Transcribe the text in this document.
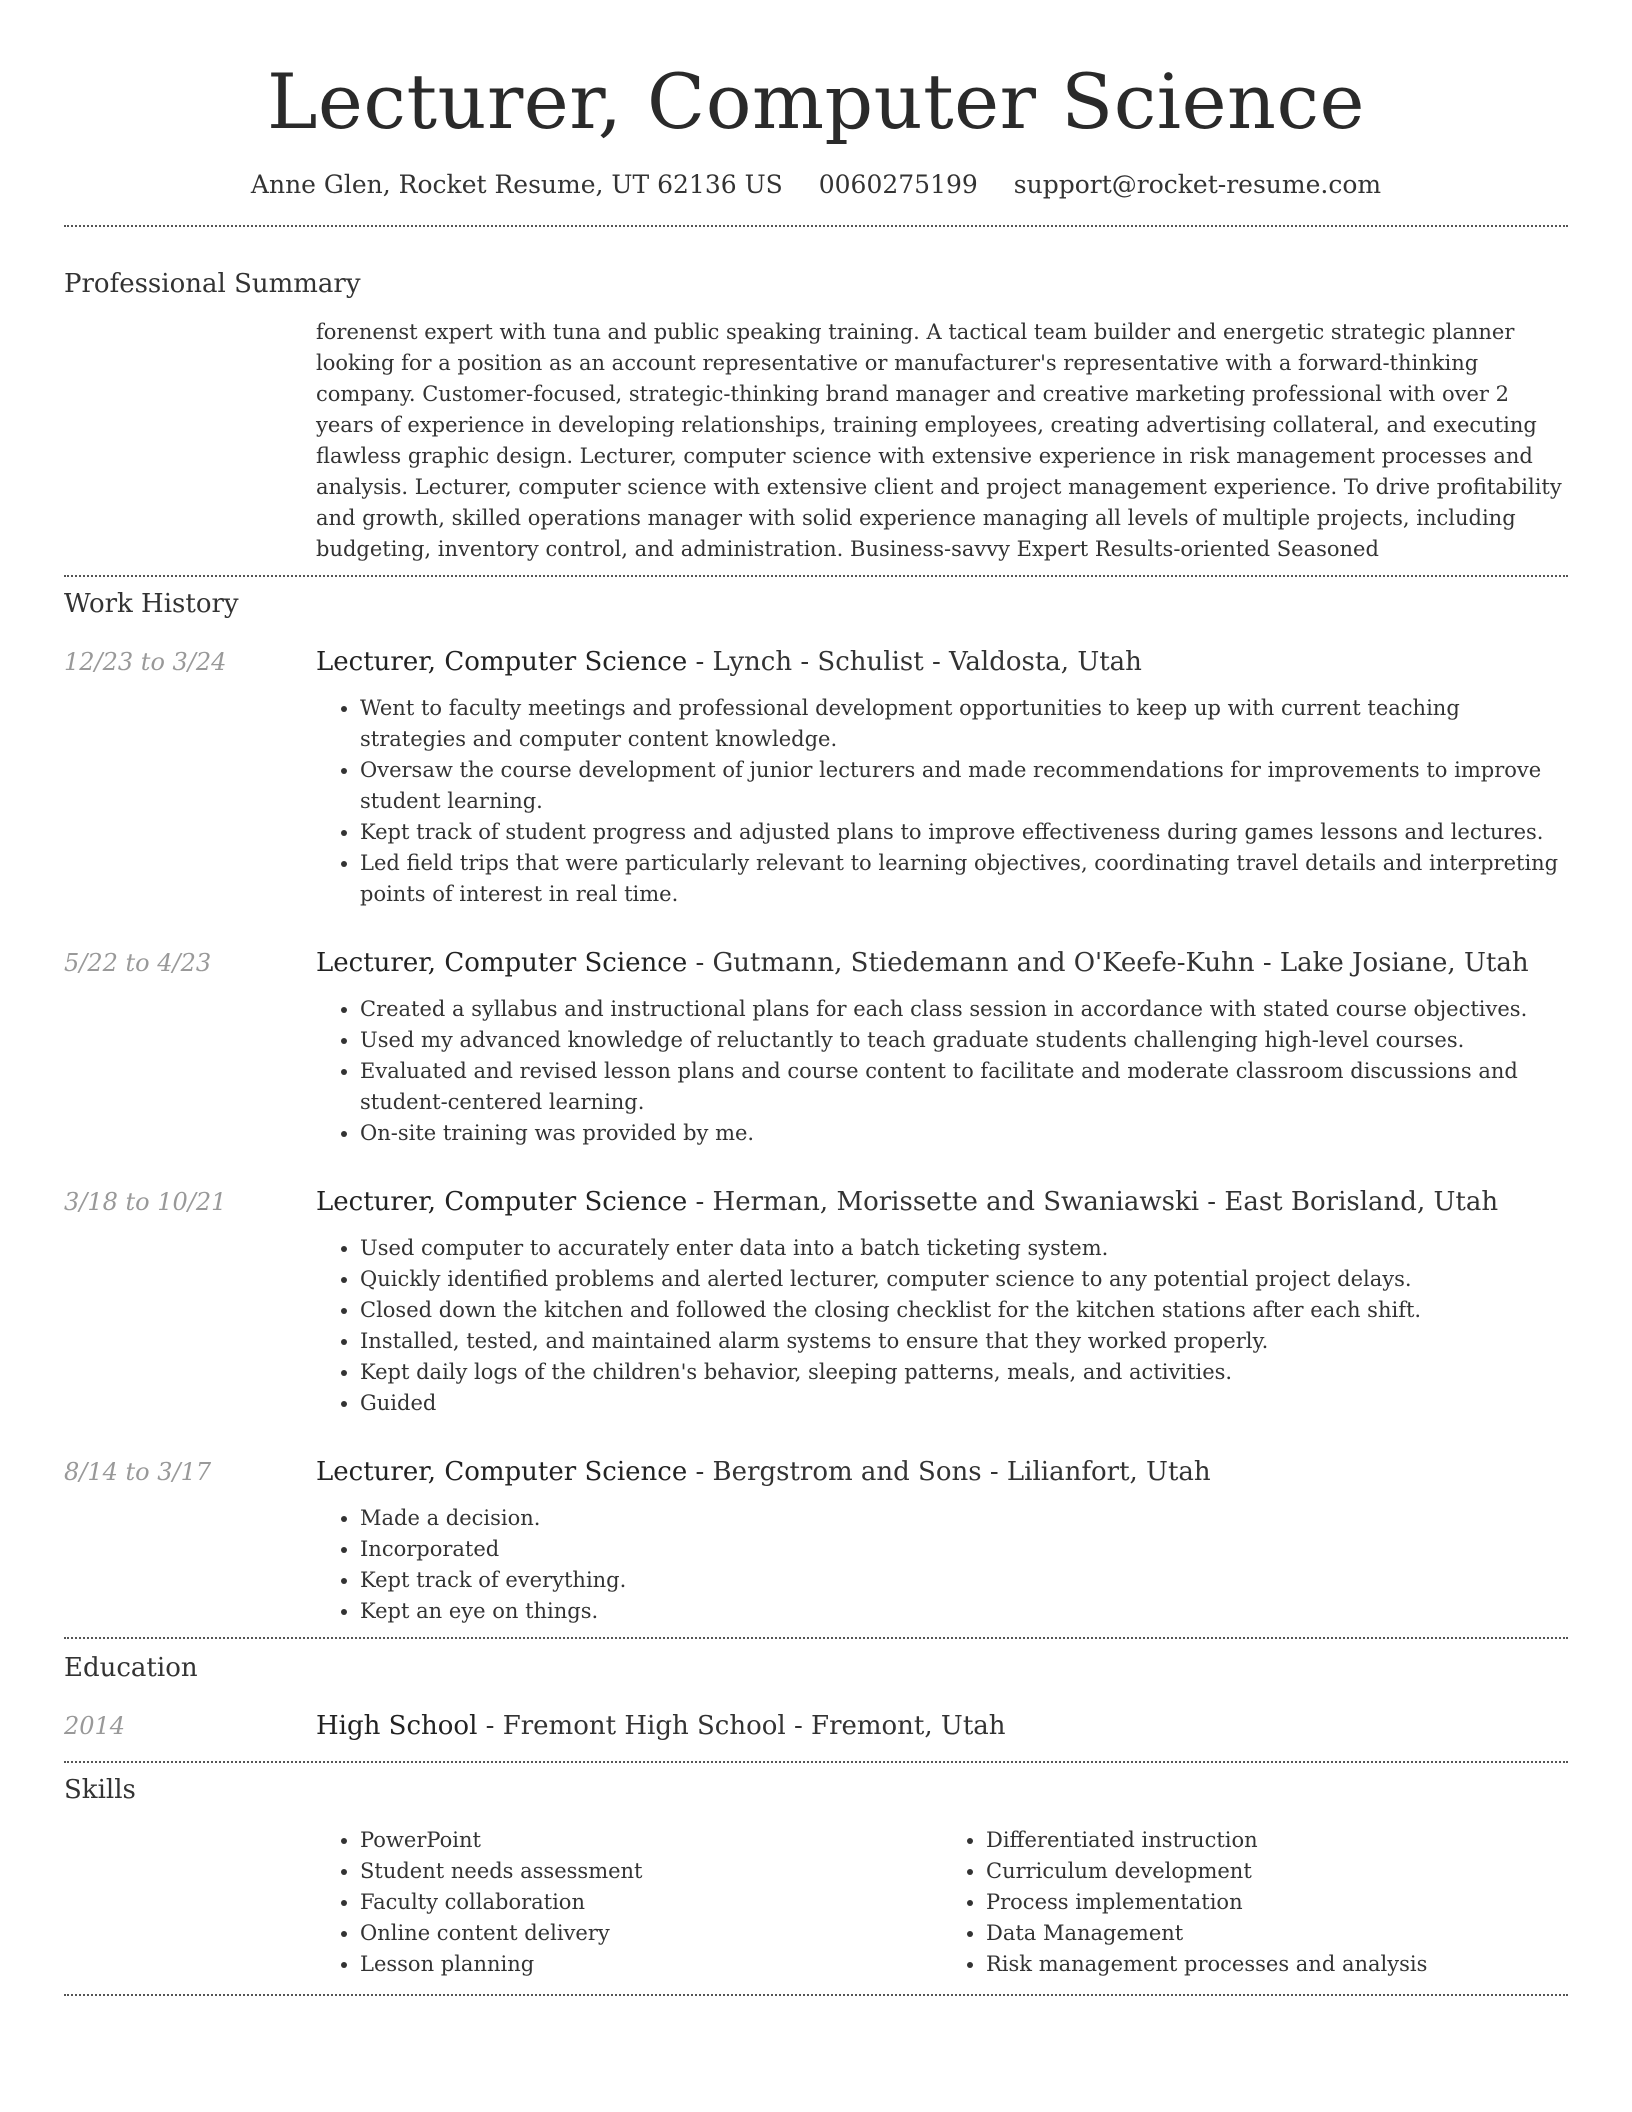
Lecturer, Computer Science
Anne Glen, Rocket Resume, UT 62136 US 0060275199 support@rocket-resume.com
Professional Summary
forenenst expert with tuna and public speaking training. A tactical team builder and energetic strategic planner looking for a position as an account representative or manufacturer's representative with a forward-thinking company. Customer-focused, strategic-thinking brand manager and creative marketing professional with over 2 years of experience in developing relationships, training employees, creating advertising collateral, and executing flawless graphic design. Lecturer, computer science with extensive experience in risk management processes and analysis. Lecturer, computer science with extensive client and project management experience. To drive profitability and growth, skilled operations manager with solid experience managing all levels of multiple projects, including budgeting, inventory control, and administration. Business-savvy Expert Results-oriented Seasoned
Work History
12/23 to 3/24	Lecturer, Computer Science - Lynch - Schulist - Valdosta, Utah
• Went to faculty meetings and professional development opportunities to keep up with current teaching strategies and computer content knowledge.
• Oversaw the course development of junior lecturers and made recommendations for improvements to improve student learning.
• Kept track of student progress and adjusted plans to improve effectiveness during games lessons and lectures.
• Led field trips that were particularly relevant to learning objectives, coordinating travel details and interpreting points of interest in real time.
5/22 to 4/23	Lecturer, Computer Science - Gutmann, Stiedemann and O'Keefe-Kuhn - Lake Josiane, Utah
• Created a syllabus and instructional plans for each class session in accordance with stated course objectives.
• Used my advanced knowledge of reluctantly to teach graduate students challenging high-level courses.
• Evaluated and revised lesson plans and course content to facilitate and moderate classroom discussions and student-centered learning.
• On-site training was provided by me.
3/18 to 10/21	Lecturer, Computer Science - Herman, Morissette and Swaniawski - East Borisland, Utah
• Used computer to accurately enter data into a batch ticketing system.
• Quickly identified problems and alerted lecturer, computer science to any potential project delays.
• Closed down the kitchen and followed the closing checklist for the kitchen stations after each shift.
• Installed, tested, and maintained alarm systems to ensure that they worked properly.
• Kept daily logs of the children's behavior, sleeping patterns, meals, and activities.
• Guided
8/14 to 3/17	Lecturer, Computer Science - Bergstrom and Sons - Lilianfort, Utah
• Made a decision.
• Incorporated
• Kept track of everything.
• Kept an eye on things.
Education
2014	High School - Fremont High School - Fremont, Utah
Skills
• PowerPoint
• Student needs assessment
• Faculty collaboration
• Online content delivery
• Lesson planning
• Differentiated instruction
• Curriculum development
• Process implementation
• Data Management
• Risk management processes and analysis
